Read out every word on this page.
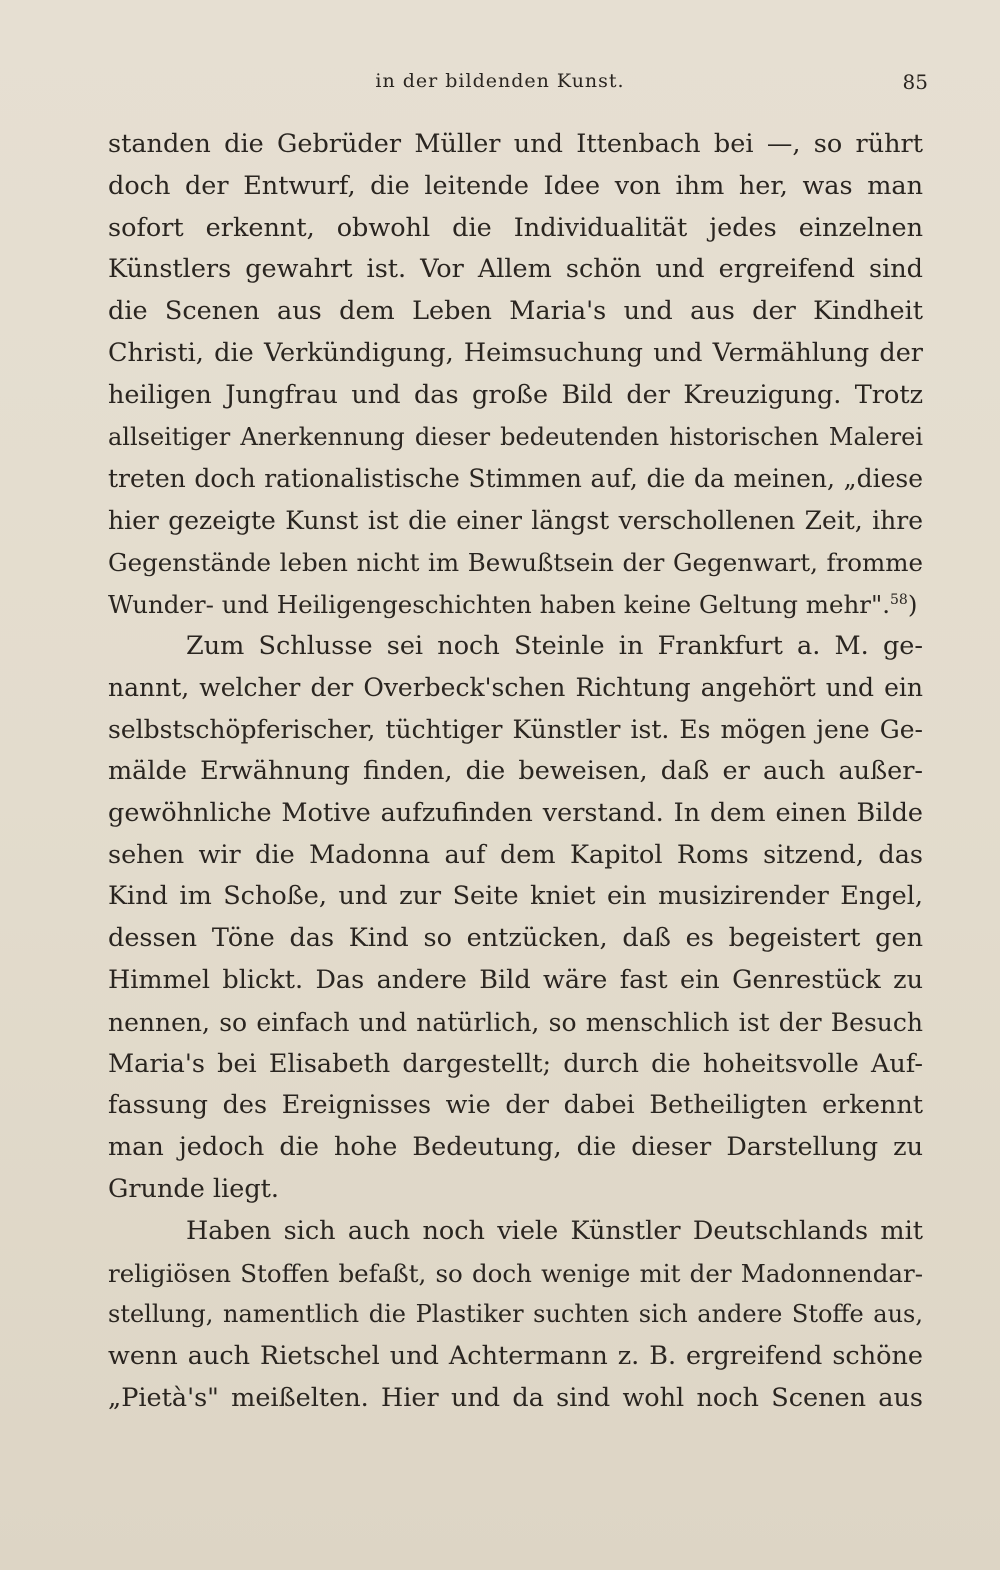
in der bildenden Kunst.	85
standen die Gebrüder Müller und Ittenbach bei —, so rührt
doch der Entwurf, die leitende Idee von ihm her, was man
sofort erkennt, obwohl die Individualität jedes einzelnen
Künstlers gewahrt ist. Vor Allem schön und ergreifend sind
die Scenen aus dem Leben Maria's und aus der Kindheit
Christi, die Verkündigung, Heimsuchung und Vermählung der
heiligen Jungfrau und das große Bild der Kreuzigung. Trotz
allseitiger Anerkennung dieser bedeutenden historischen Malerei
treten doch rationalistische Stimmen auf, die da meinen, „diese
hier gezeigte Kunst ist die einer längst verschollenen Zeit, ihre
Gegenstände leben nicht im Bewußtsein der Gegenwart, fromme
Wunder- und Heiligengeschichten haben keine Geltung mehr".$^{58}$)
Zum Schlusse sei noch Steinle in Frankfurt a. M. ge-
nannt, welcher der Overbeck'schen Richtung angehört und ein
selbstschöpferischer, tüchtiger Künstler ist. Es mögen jene Ge-
mälde Erwähnung finden, die beweisen, daß er auch außer-
gewöhnliche Motive aufzufinden verstand. In dem einen Bilde
sehen wir die Madonna auf dem Kapitol Roms sitzend, das
Kind im Schoße, und zur Seite kniet ein musizirender Engel,
dessen Töne das Kind so entzücken, daß es begeistert gen
Himmel blickt. Das andere Bild wäre fast ein Genrestück zu
nennen, so einfach und natürlich, so menschlich ist der Besuch
Maria's bei Elisabeth dargestellt; durch die hoheitsvolle Auf-
fassung des Ereignisses wie der dabei Betheiligten erkennt
man jedoch die hohe Bedeutung, die dieser Darstellung zu
Grunde liegt.
Haben sich auch noch viele Künstler Deutschlands mit
religiösen Stoffen befaßt, so doch wenige mit der Madonnendar-
stellung, namentlich die Plastiker suchten sich andere Stoffe aus,
wenn auch Rietschel und Achtermann z. B. ergreifend schöne
„Pietà's" meißelten. Hier und da sind wohl noch Scenen aus
